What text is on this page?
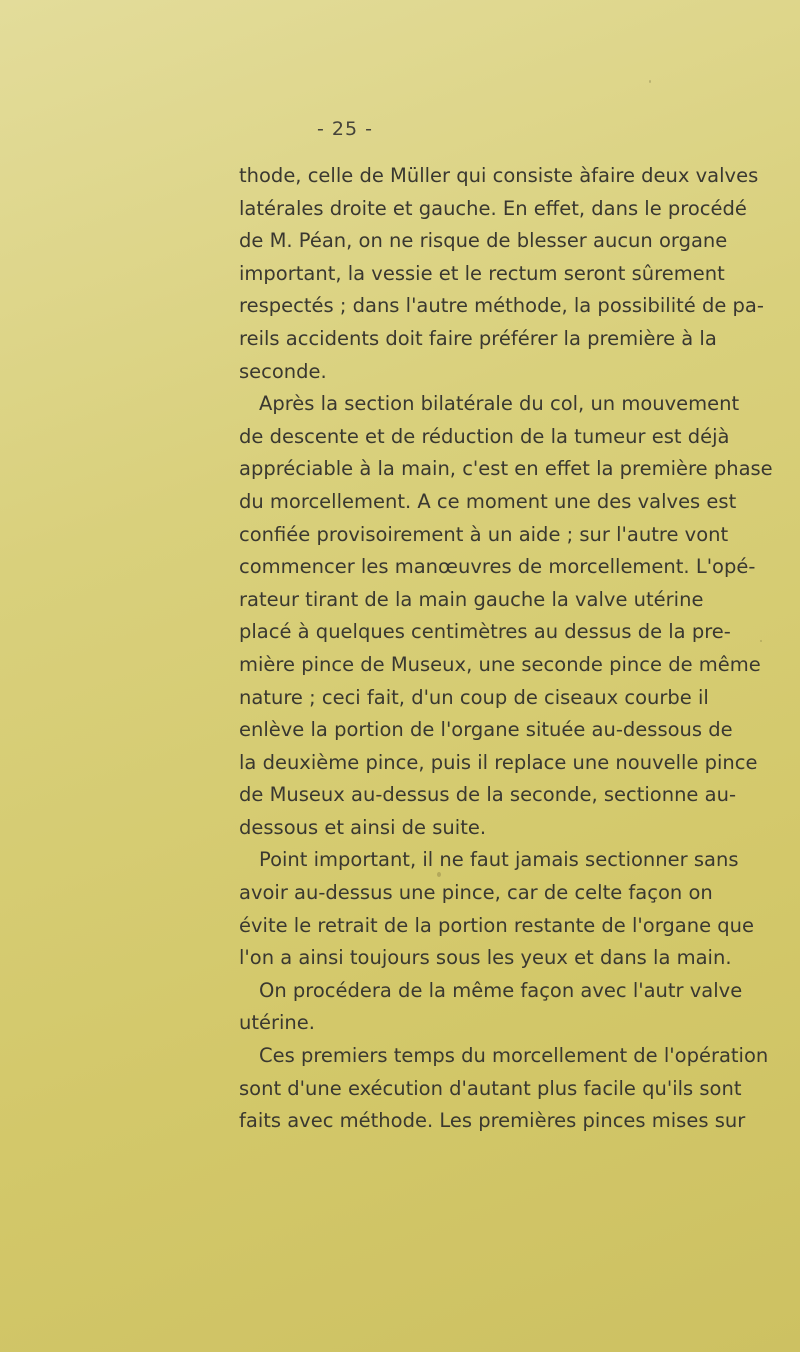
- 25 -
thode, celle de Müller qui consiste àfaire deux valves
latérales droite et gauche. En effet, dans le procédé
de M. Péan, on ne risque de blesser aucun organe
important, la vessie et le rectum seront sûrement
respectés ; dans l'autre méthode, la possibilité de pa-
reils accidents doit faire préférer la première à la
seconde.
Après la section bilatérale du col, un mouvement
de descente et de réduction de la tumeur est déjà
appréciable à la main, c'est en effet la première phase
du morcellement. A ce moment une des valves est
confiée provisoirement à un aide ; sur l'autre vont
commencer les manœuvres de morcellement. L'opé-
rateur tirant de la main gauche la valve utérine
placé à quelques centimètres au dessus de la pre-
mière pince de Museux, une seconde pince de même
nature ; ceci fait, d'un coup de ciseaux courbe il
enlève la portion de l'organe située au-dessous de
la deuxième pince, puis il replace une nouvelle pince
de Museux au-dessus de la seconde, sectionne au-
dessous et ainsi de suite.
Point important, il ne faut jamais sectionner sans
avoir au-dessus une pince, car de celte façon on
évite le retrait de la portion restante de l'organe que
l'on a ainsi toujours sous les yeux et dans la main.
On procédera de la même façon avec l'autr valve
utérine.
Ces premiers temps du morcellement de l'opération
sont d'une exécution d'autant plus facile qu'ils sont
faits avec méthode. Les premières pinces mises sur
